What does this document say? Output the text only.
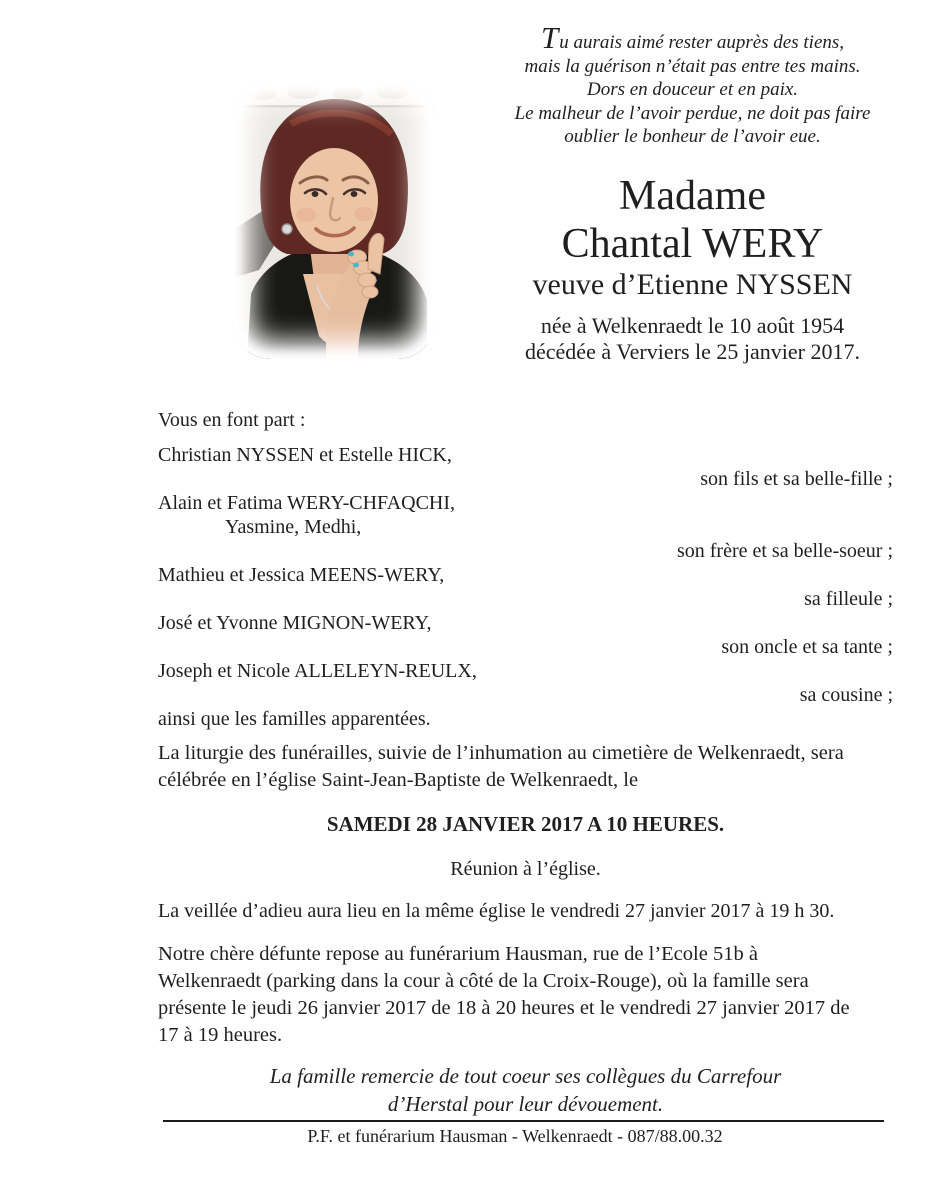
Tu aurais aimé rester auprès des tiens,
mais la guérison n’était pas entre tes mains.
Dors en douceur et en paix.
Le malheur de l’avoir perdue, ne doit pas faire
oublier le bonheur de l’avoir eue.
Madame
Chantal WERY
veuve d’Etienne NYSSEN
née à Welkenraedt le 10 août 1954
décédée à Verviers le 25 janvier 2017.
Vous en font part :
Christian NYSSEN et Estelle HICK,
son fils et sa belle-fille ;
Alain et Fatima WERY-CHFAQCHI,
Yasmine, Medhi,
son frère et sa belle-soeur ;
Mathieu et Jessica MEENS-WERY,
sa filleule ;
José et Yvonne MIGNON-WERY,
son oncle et sa tante ;
Joseph et Nicole ALLELEYN-REULX,
sa cousine ;
ainsi que les familles apparentées.
La liturgie des funérailles, suivie de l’inhumation au cimetière de Welkenraedt, sera
célébrée en l’église Saint-Jean-Baptiste de Welkenraedt, le
SAMEDI 28 JANVIER 2017 A 10 HEURES.
Réunion à l’église.
La veillée d’adieu aura lieu en la même église le vendredi 27 janvier 2017 à 19 h 30.
Notre chère défunte repose au funérarium Hausman, rue de l’Ecole 51b à
Welkenraedt (parking dans la cour à côté de la Croix-Rouge), où la famille sera
présente le jeudi 26 janvier 2017 de 18 à 20 heures et le vendredi 27 janvier 2017 de
17 à 19 heures.
La famille remercie de tout coeur ses collègues du Carrefour
d’Herstal pour leur dévouement.
P.F. et funérarium Hausman - Welkenraedt - 087/88.00.32
